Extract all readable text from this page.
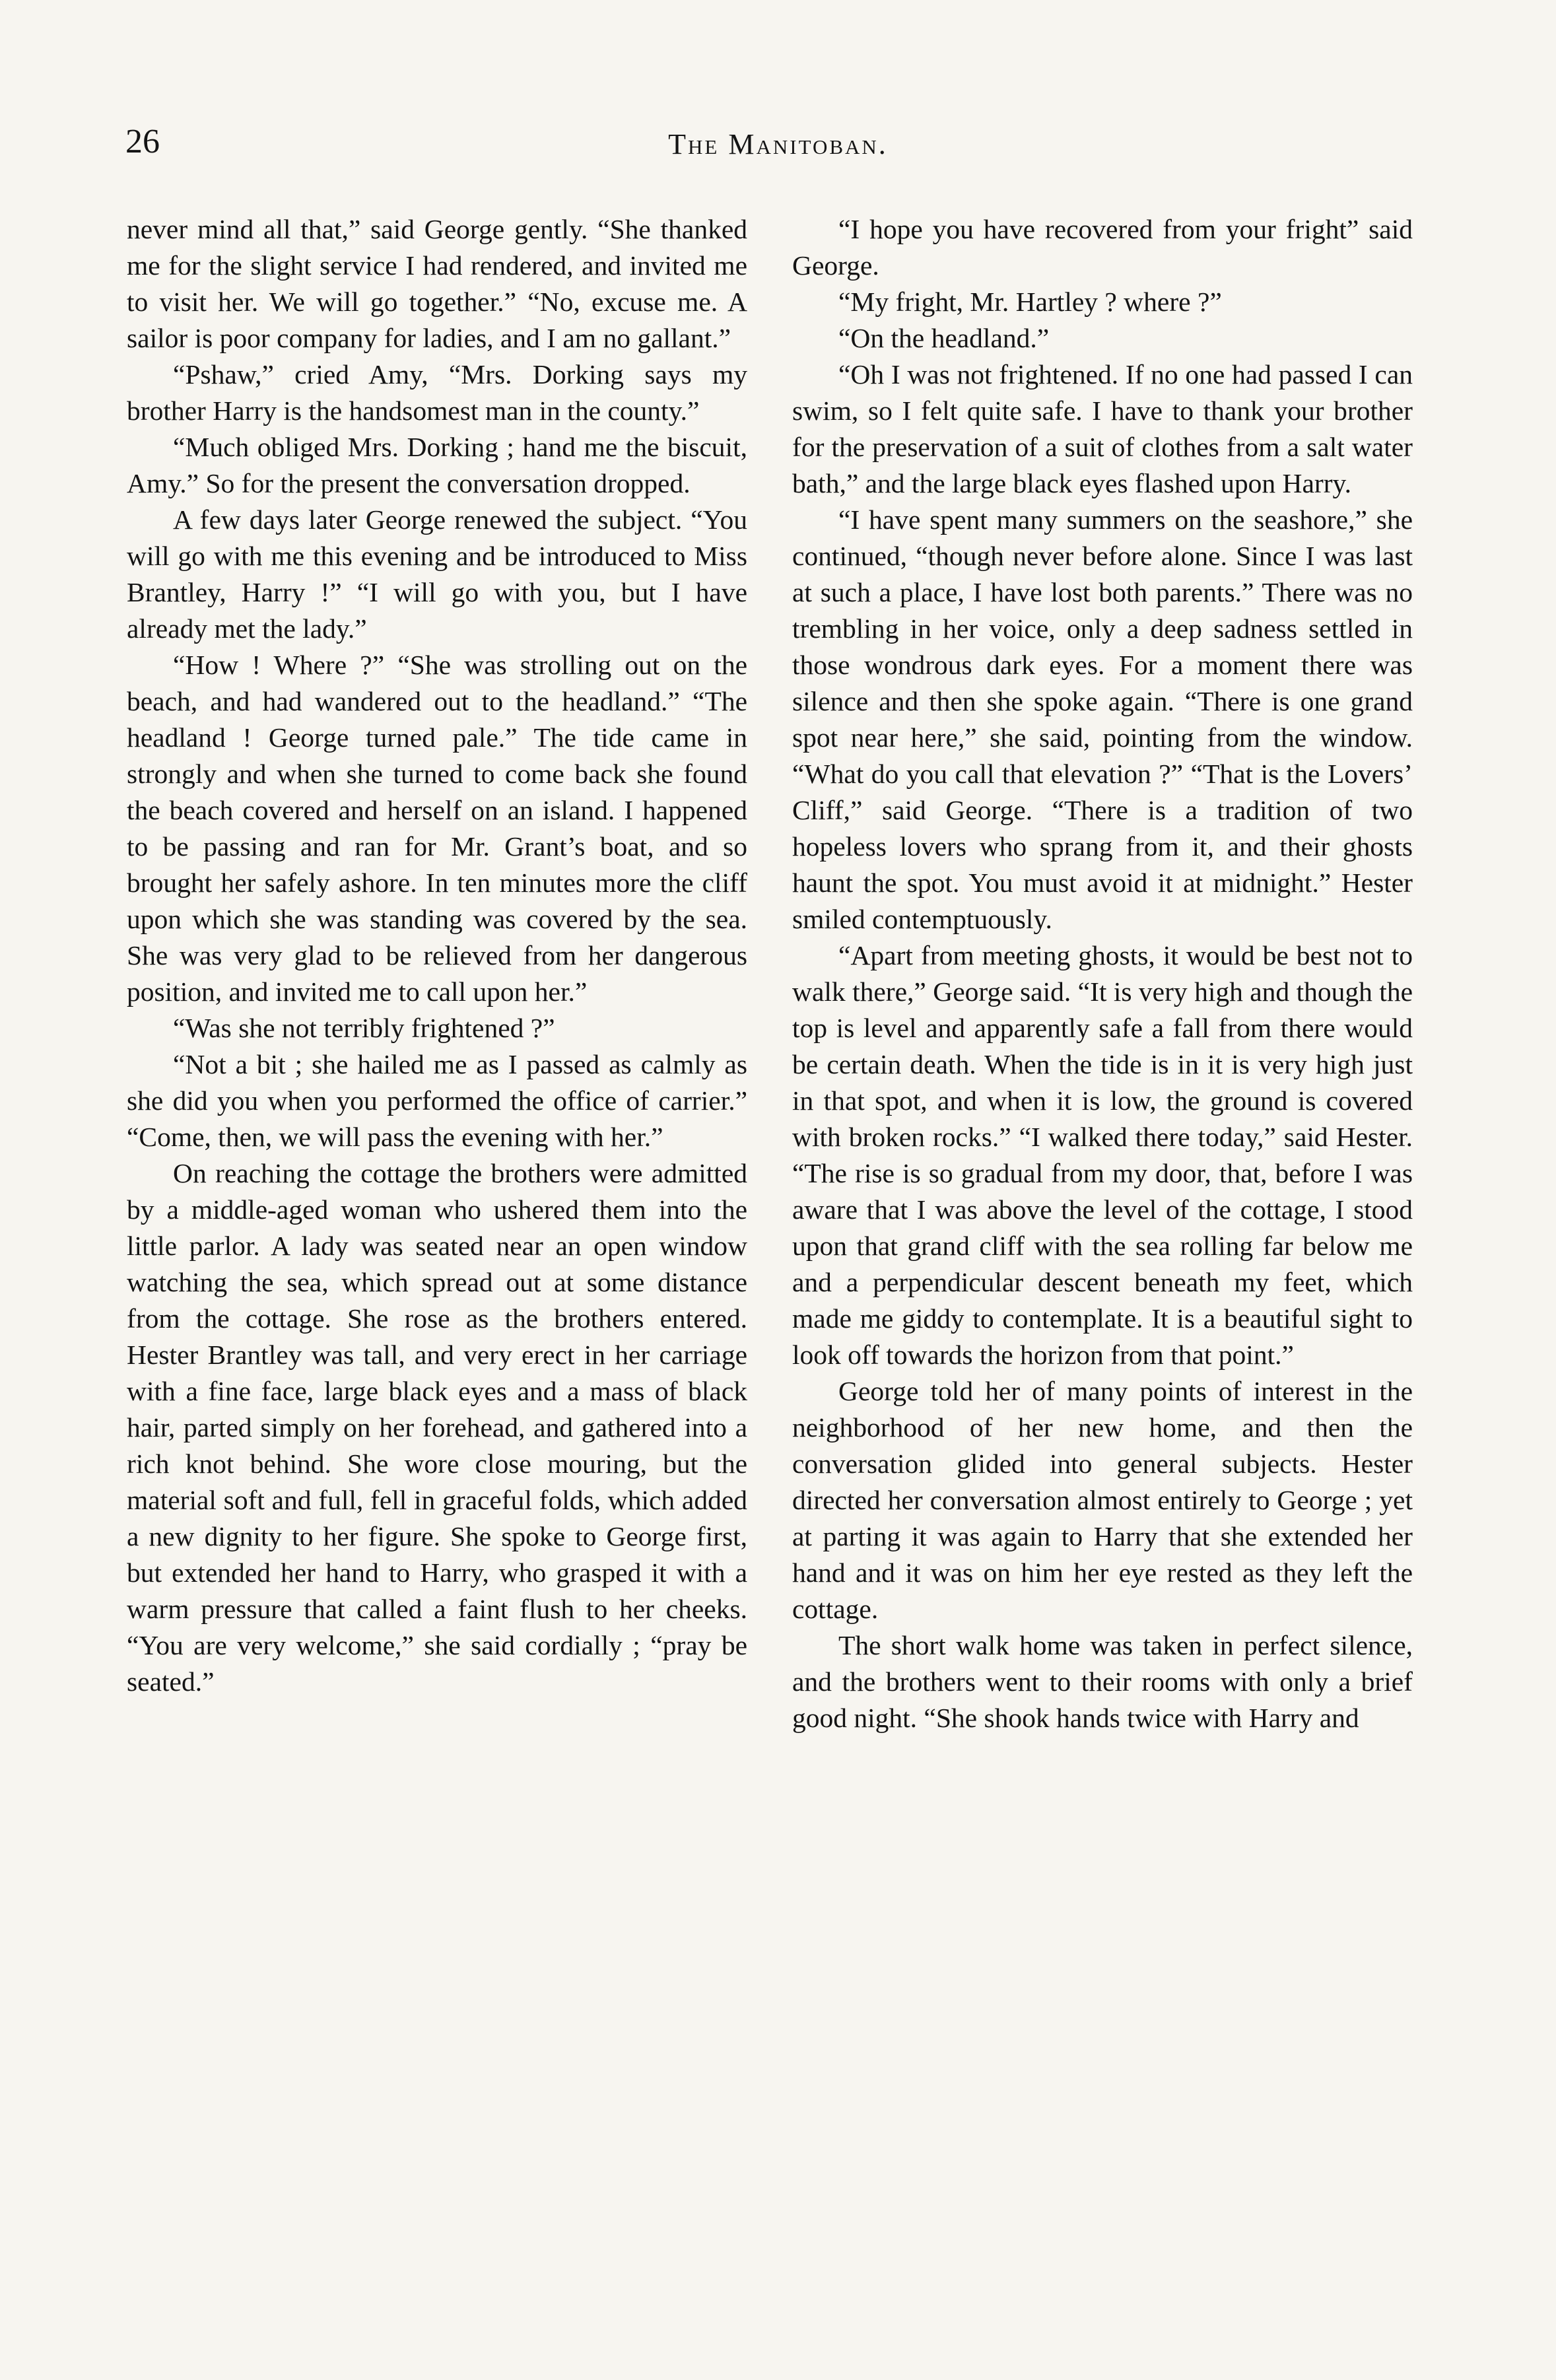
26	The Manitoban.

never mind all that,” said George gently. “She thanked me for the slight service I had rendered, and invited me to visit her. We will go together.” “No, excuse me. A sailor is poor company for ladies, and I am no gallant.”

“Pshaw,” cried Amy, “Mrs. Dorking says my brother Harry is the handsomest man in the county.”

“Much obliged Mrs. Dorking ; hand me the biscuit, Amy.” So for the present the conversation dropped.

A few days later George renewed the subject. “You will go with me this evening and be introduced to Miss Brantley, Harry !” “I will go with you, but I have already met the lady.”

“How ! Where ?” “She was strolling out on the beach, and had wandered out to the headland.” “The headland ! George turned pale.” The tide came in strongly and when she turned to come back she found the beach covered and herself on an island. I happened to be passing and ran for Mr. Grant’s boat, and so brought her safely ashore. In ten minutes more the cliff upon which she was standing was covered by the sea. She was very glad to be relieved from her dangerous position, and invited me to call upon her.”

“Was she not terribly frightened ?”

“Not a bit ; she hailed me as I passed as calmly as she did you when you performed the office of carrier.” “Come, then, we will pass the evening with her.”

On reaching the cottage the brothers were admitted by a middle-aged woman who ushered them into the little parlor. A lady was seated near an open window watching the sea, which spread out at some distance from the cottage. She rose as the brothers entered. Hester Brantley was tall, and very erect in her carriage with a fine face, large black eyes and a mass of black hair, parted simply on her forehead, and gathered into a rich knot behind. She wore close mouring, but the material soft and full, fell in graceful folds, which added a new dignity to her figure. She spoke to George first, but extended her hand to Harry, who grasped it with a warm pressure that called a faint flush to her cheeks. “You are very welcome,” she said cordially ; “pray be seated.”

“I hope you have recovered from your fright” said George.

“My fright, Mr. Hartley ? where ?”

“On the headland.”

“Oh I was not frightened. If no one had passed I can swim, so I felt quite safe. I have to thank your brother for the preservation of a suit of clothes from a salt water bath,” and the large black eyes flashed upon Harry.

“I have spent many summers on the seashore,” she continued, “though never before alone. Since I was last at such a place, I have lost both parents.” There was no trembling in her voice, only a deep sadness settled in those wondrous dark eyes. For a moment there was silence and then she spoke again. “There is one grand spot near here,” she said, pointing from the window. “What do you call that elevation ?” “That is the Lovers’ Cliff,” said George. “There is a tradition of two hopeless lovers who sprang from it, and their ghosts haunt the spot. You must avoid it at midnight.” Hester smiled contemptuously.

“Apart from meeting ghosts, it would be best not to walk there,” George said. “It is very high and though the top is level and apparently safe a fall from there would be certain death. When the tide is in it is very high just in that spot, and when it is low, the ground is covered with broken rocks.” “I walked there today,” said Hester. “The rise is so gradual from my door, that, before I was aware that I was above the level of the cottage, I stood upon that grand cliff with the sea rolling far below me and a perpendicular descent beneath my feet, which made me giddy to contemplate. It is a beautiful sight to look off towards the horizon from that point.”

George told her of many points of interest in the neighborhood of her new home, and then the conversation glided into general subjects. Hester directed her conversation almost entirely to George ; yet at parting it was again to Harry that she extended her hand and it was on him her eye rested as they left the cottage.

The short walk home was taken in perfect silence, and the brothers went to their rooms with only a brief good night. “She shook hands twice with Harry and
